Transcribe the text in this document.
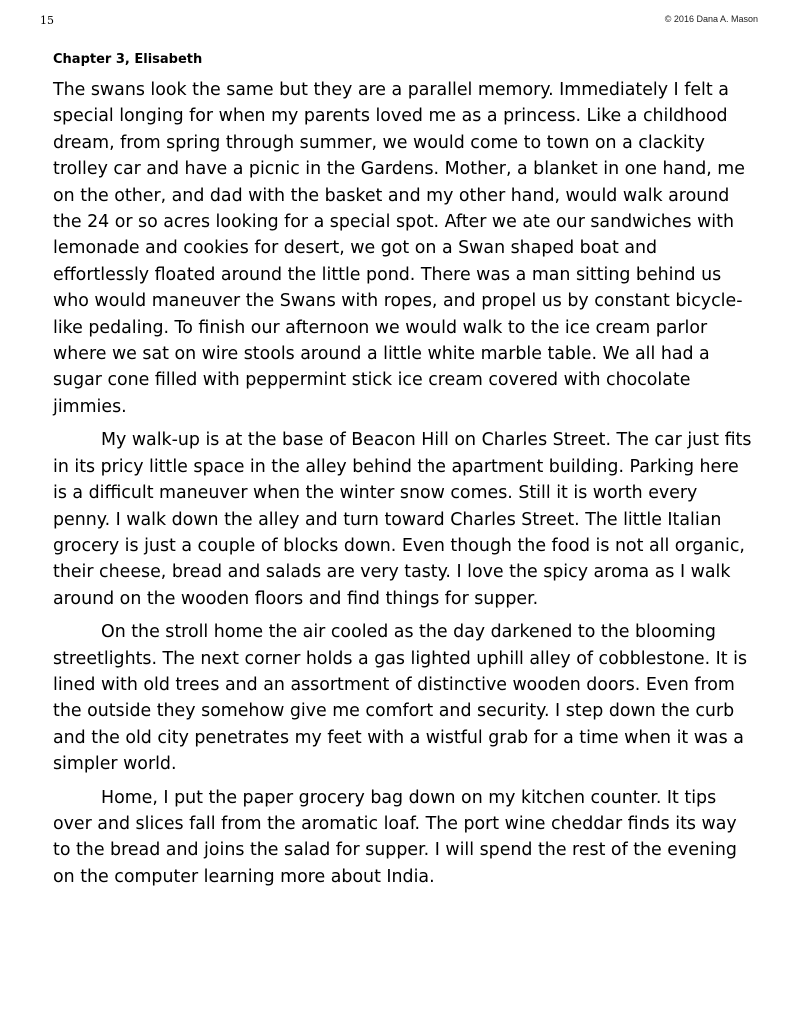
15	© 2016 Dana A. Mason
Chapter 3, Elisabeth

The swans look the same but they are a parallel memory. Immediately I felt a special longing for when my parents loved me as a princess. Like a childhood dream, from spring through summer, we would come to town on a clackity trolley car and have a picnic in the Gardens. Mother, a blanket in one hand, me on the other, and dad with the basket and my other hand, would walk around the 24 or so acres looking for a special spot. After we ate our sandwiches with lemonade and cookies for desert, we got on a Swan shaped boat and effortlessly floated around the little pond. There was a man sitting behind us who would maneuver the Swans with ropes, and propel us by constant bicycle-like pedaling. To finish our afternoon we would walk to the ice cream parlor where we sat on wire stools around a little white marble table. We all had a sugar cone filled with peppermint stick ice cream covered with chocolate jimmies.

My walk-up is at the base of Beacon Hill on Charles Street. The car just fits in its pricy little space in the alley behind the apartment building. Parking here is a difficult maneuver when the winter snow comes. Still it is worth every penny. I walk down the alley and turn toward Charles Street. The little Italian grocery is just a couple of blocks down. Even though the food is not all organic, their cheese, bread and salads are very tasty. I love the spicy aroma as I walk around on the wooden floors and find things for supper.

On the stroll home the air cooled as the day darkened to the blooming streetlights. The next corner holds a gas lighted uphill alley of cobblestone. It is lined with old trees and an assortment of distinctive wooden doors. Even from the outside they somehow give me comfort and security. I step down the curb and the old city penetrates my feet with a wistful grab for a time when it was a simpler world.

Home, I put the paper grocery bag down on my kitchen counter. It tips over and slices fall from the aromatic loaf. The port wine cheddar finds its way to the bread and joins the salad for supper. I will spend the rest of the evening on the computer learning more about India.
